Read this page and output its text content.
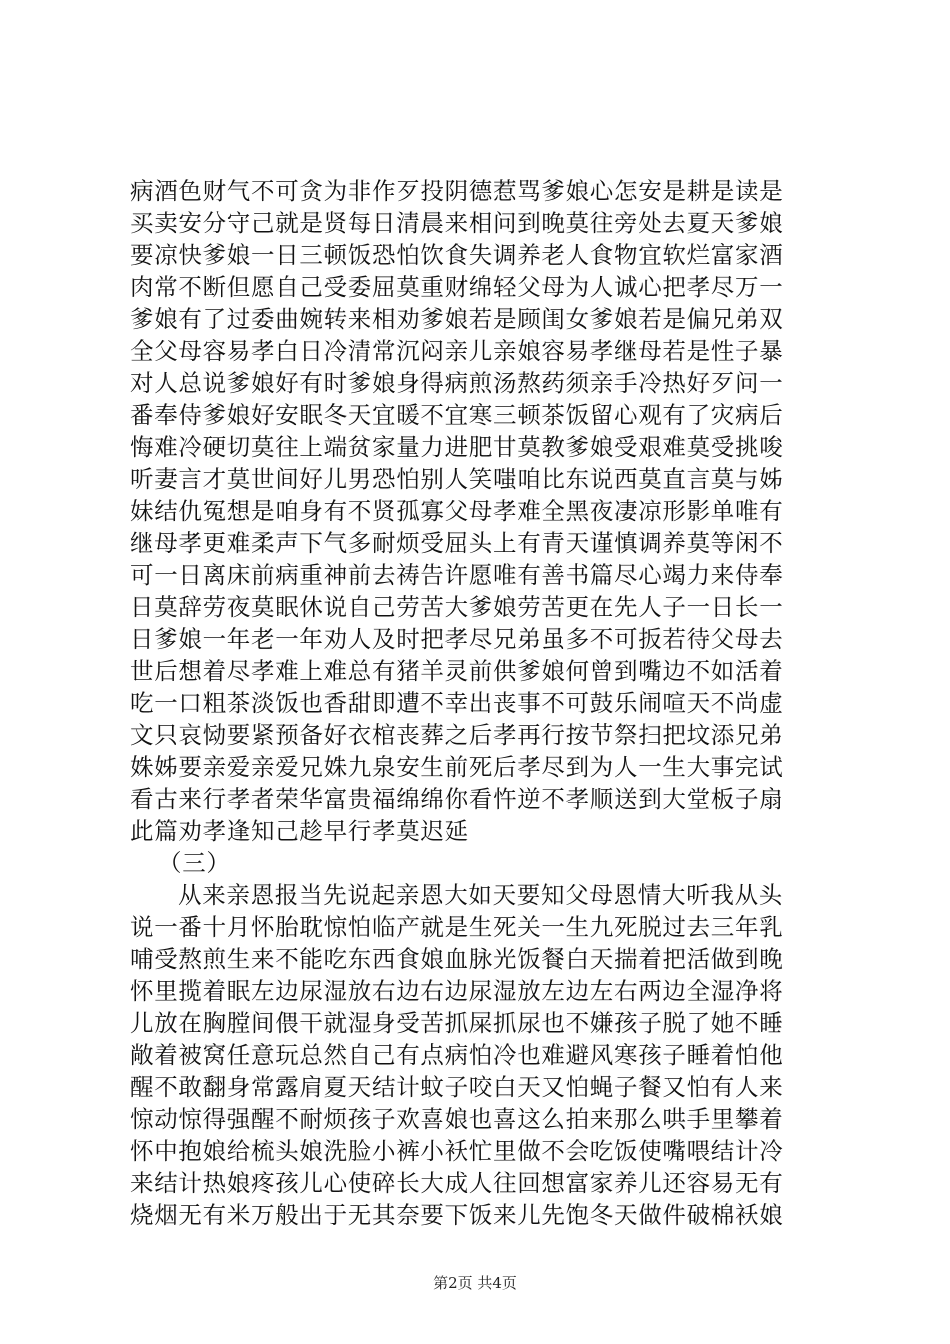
病酒色财气不可贪为非作歹投阴德惹骂爹娘心怎安是耕是读是
买卖安分守己就是贤每日清晨来相问到晚莫往旁处去夏天爹娘
要凉快爹娘一日三顿饭恐怕饮食失调养老人食物宜软烂富家酒
肉常不断但愿自己受委屈莫重财绵轻父母为人诚心把孝尽万一
爹娘有了过委曲婉转来相劝爹娘若是顾闺女爹娘若是偏兄弟双
全父母容易孝白日冷清常沉闷亲儿亲娘容易孝继母若是性子暴
对人总说爹娘好有时爹娘身得病煎汤熬药须亲手冷热好歹问一
番奉侍爹娘好安眠冬天宜暖不宜寒三顿茶饭留心观有了灾病后
悔难冷硬切莫往上端贫家量力进肥甘莫教爹娘受艰难莫受挑唆
听妻言才莫世间好儿男恐怕别人笑嗤咱比东说西莫直言莫与姊
妹结仇冤想是咱身有不贤孤寡父母孝难全黑夜凄凉形影单唯有
继母孝更难柔声下气多耐烦受屈头上有青天谨慎调养莫等闲不
可一日离床前病重神前去祷告许愿唯有善书篇尽心竭力来侍奉
日莫辞劳夜莫眠休说自己劳苦大爹娘劳苦更在先人子一日长一
日爹娘一年老一年劝人及时把孝尽兄弟虽多不可扳若待父母去
世后想着尽孝难上难总有猪羊灵前供爹娘何曾到嘴边不如活着
吃一口粗茶淡饭也香甜即遭不幸出丧事不可鼓乐闹喧天不尚虚
文只哀恸要紧预备好衣棺丧葬之后孝再行按节祭扫把坟添兄弟
姝姊要亲爱亲爱兄姝九泉安生前死后孝尽到为人一生大事完试
看古来行孝者荣华富贵福绵绵你看忤逆不孝顺送到大堂板子扇
此篇劝孝逢知己趁早行孝莫迟延
（三）
从来亲恩报当先说起亲恩大如天要知父母恩情大听我从头
说一番十月怀胎耽惊怕临产就是生死关一生九死脱过去三年乳
哺受熬煎生来不能吃东西食娘血脉光饭餐白天揣着把活做到晚
怀里揽着眠左边尿湿放右边右边尿湿放左边左右两边全湿净将
儿放在胸膛间偎干就湿身受苦抓屎抓尿也不嫌孩子脱了她不睡
敞着被窝任意玩总然自己有点病怕冷也难避风寒孩子睡着怕他
醒不敢翻身常露肩夏天结计蚊子咬白天又怕蝇子餐又怕有人来
惊动惊得强醒不耐烦孩子欢喜娘也喜这么拍来那么哄手里攀着
怀中抱娘给梳头娘洗脸小裤小袄忙里做不会吃饭使嘴喂结计冷
来结计热娘疼孩儿心使碎长大成人往回想富家养儿还容易无有
烧烟无有米万般出于无其奈要下饭来儿先饱冬天做件破棉袄娘
第2页 共4页
